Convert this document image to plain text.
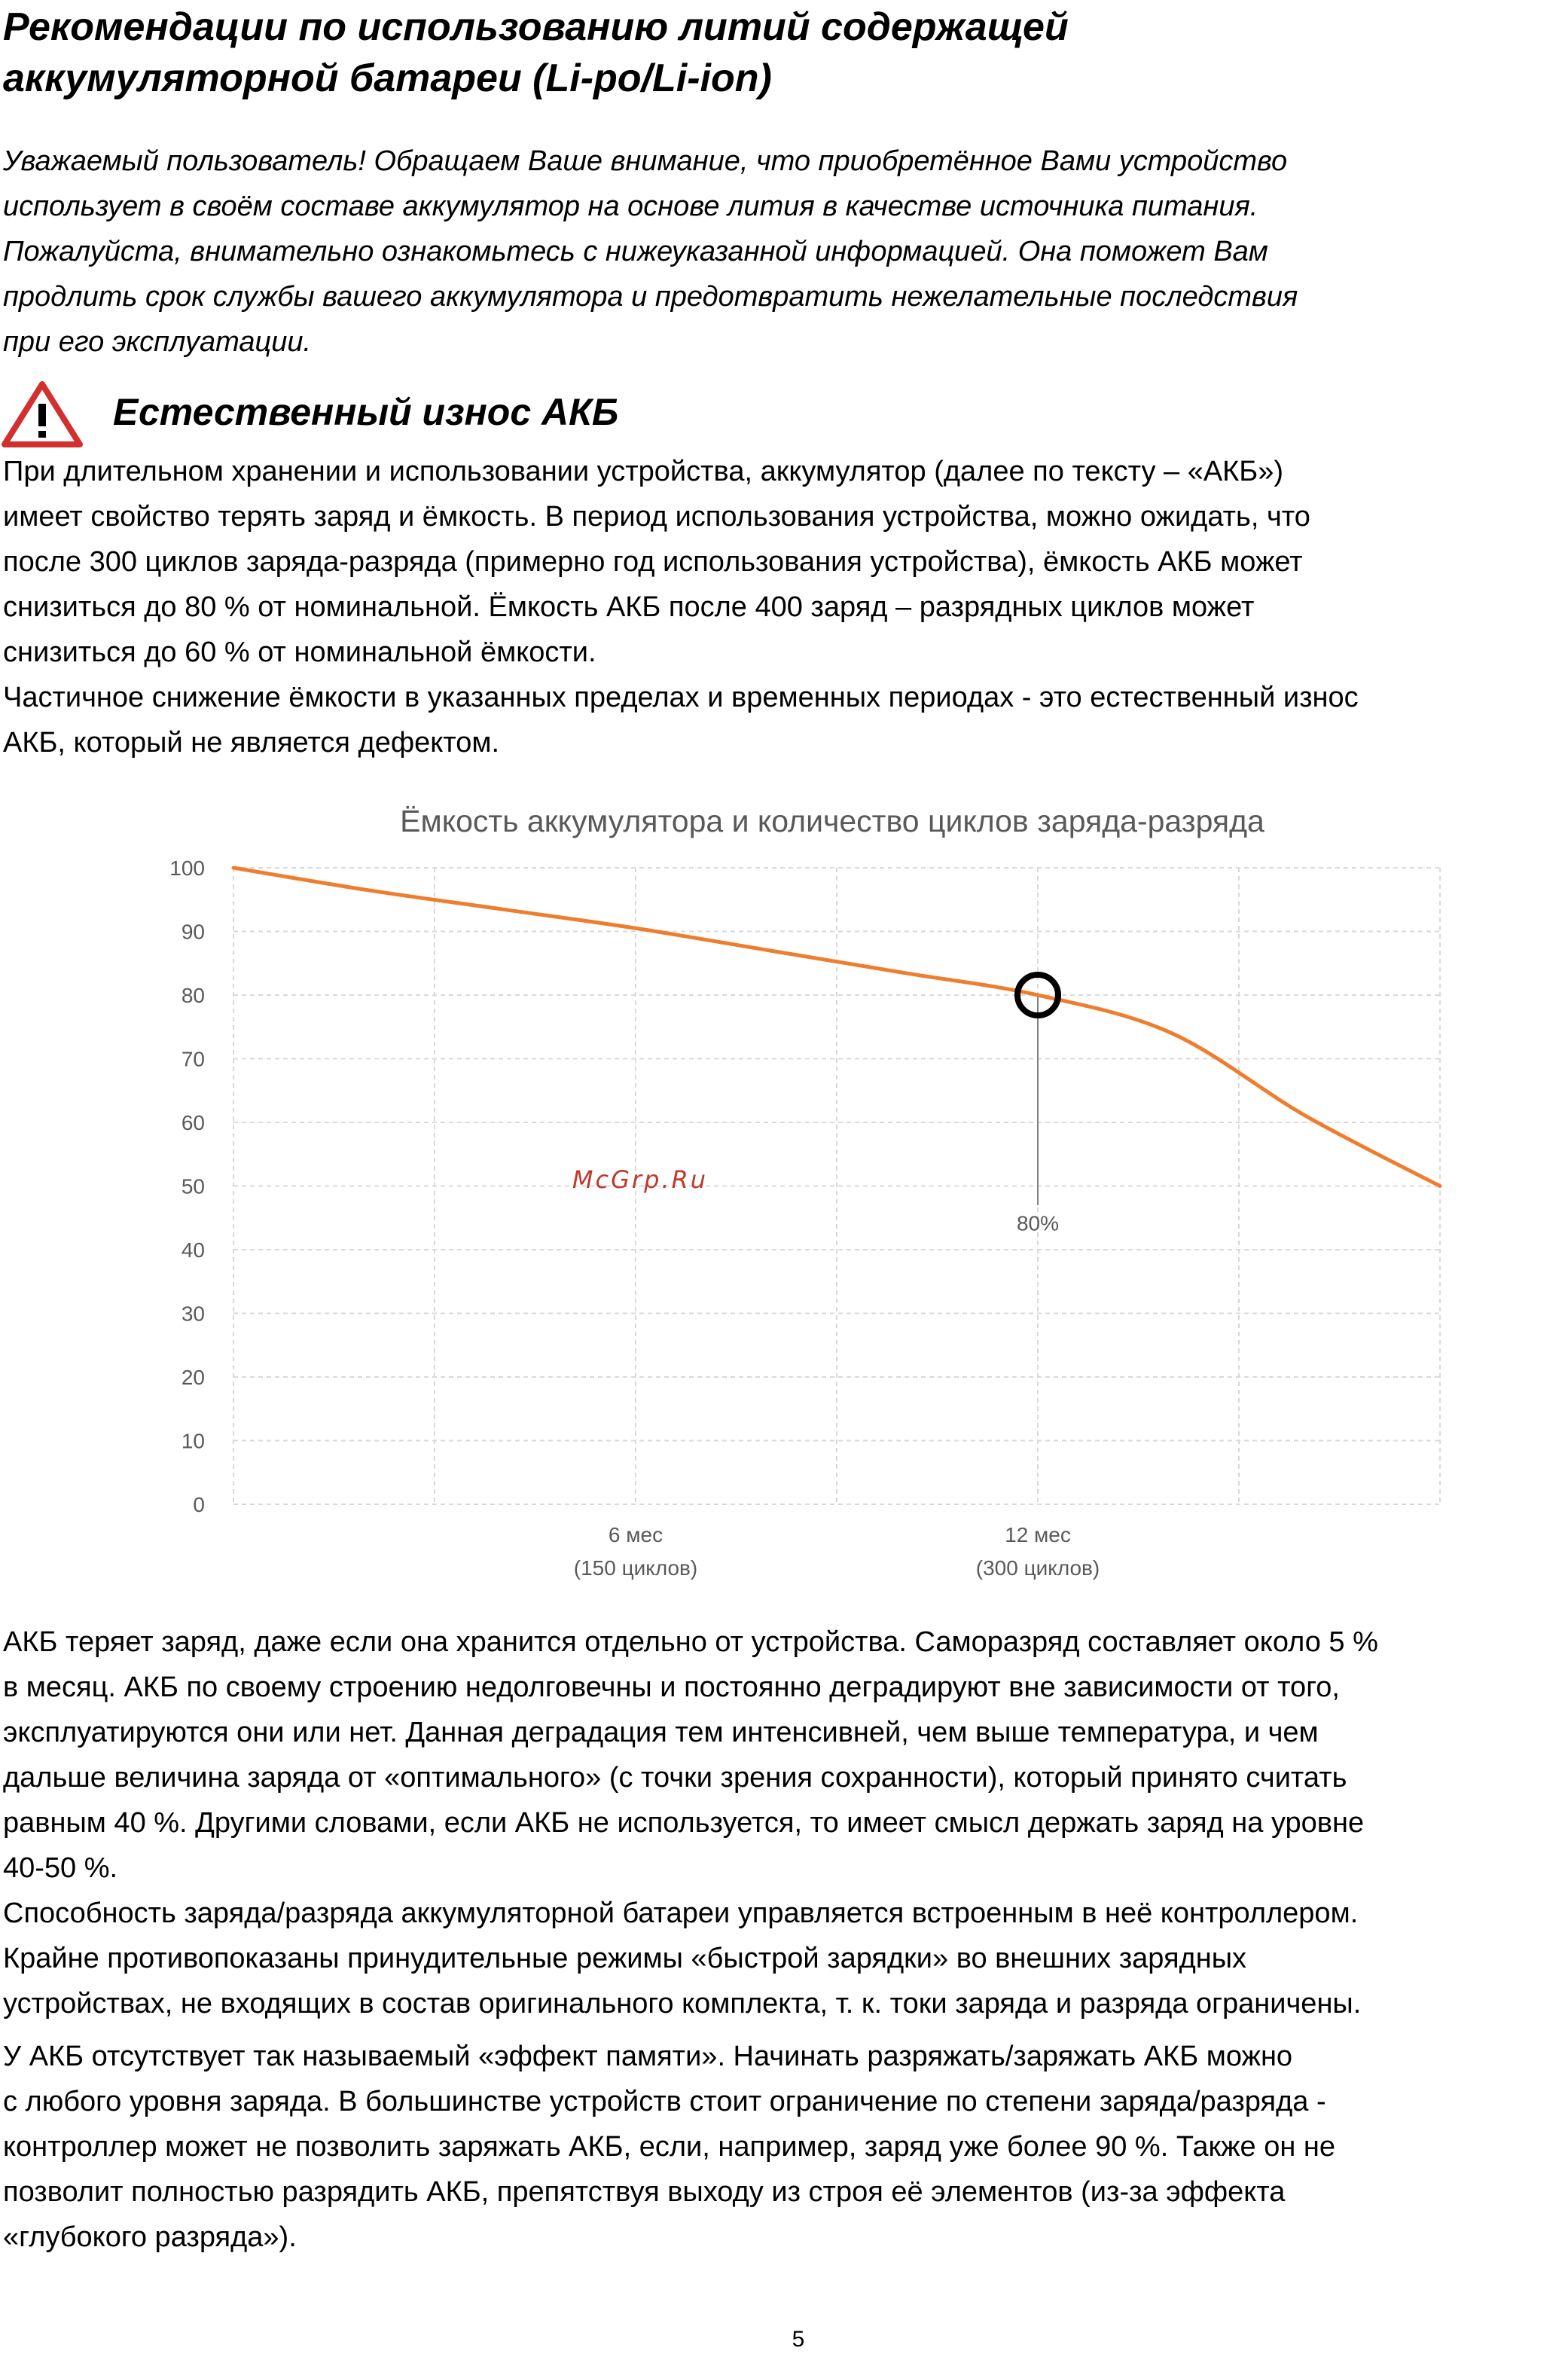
Рекомендации по использованию литий содержащей
аккумуляторной батареи (Li-po/Li-ion)
Уважаемый пользователь! Обращаем Ваше внимание, что приобретённое Вами устройство
использует в своём составе аккумулятор на основе лития в качестве источника питания.
Пожалуйста, внимательно ознакомьтесь с нижеуказанной информацией. Она поможет Вам
продлить срок службы вашего аккумулятора и предотвратить нежелательные последствия
при его эксплуатации.
Естественный износ АКБ
При длительном хранении и использовании устройства, аккумулятор (далее по тексту – «АКБ»)
имеет свойство терять заряд и ёмкость. В период использования устройства, можно ожидать, что
после 300 циклов заряда-разряда (примерно год использования устройства), ёмкость АКБ может
снизиться до 80 % от номинальной. Ёмкость АКБ после 400 заряд – разрядных циклов может
снизиться до 60 % от номинальной ёмкости.
Частичное снижение ёмкости в указанных пределах и временных периодах - это естественный износ
АКБ, который не является дефектом.
Ёмкость аккумулятора и количество циклов заряда-разряда
0
10
20
30
40
50
60
70
80
90
100
6 мес
(150 циклов)
12 мес
(300 циклов)
McGrp.Ru
80%
АКБ теряет заряд, даже если она хранится отдельно от устройства. Саморазряд составляет около 5 %
в месяц. АКБ по своему строению недолговечны и постоянно деградируют вне зависимости от того,
эксплуатируются они или нет. Данная деградация тем интенсивней, чем выше температура, и чем
дальше величина заряда от «оптимального» (с точки зрения сохранности), который принято считать
равным 40 %. Другими словами, если АКБ не используется, то имеет смысл держать заряд на уровне
40-50 %.
Способность заряда/разряда аккумуляторной батареи управляется встроенным в неё контроллером.
Крайне противопоказаны принудительные режимы «быстрой зарядки» во внешних зарядных
устройствах, не входящих в состав оригинального комплекта, т. к. токи заряда и разряда ограничены.
У АКБ отсутствует так называемый «эффект памяти». Начинать разряжать/заряжать АКБ можно
с любого уровня заряда. В большинстве устройств стоит ограничение по степени заряда/разряда -
контроллер может не позволить заряжать АКБ, если, например, заряд уже более 90 %. Также он не
позволит полностью разрядить АКБ, препятствуя выходу из строя её элементов (из-за эффекта
«глубокого разряда»).
5
